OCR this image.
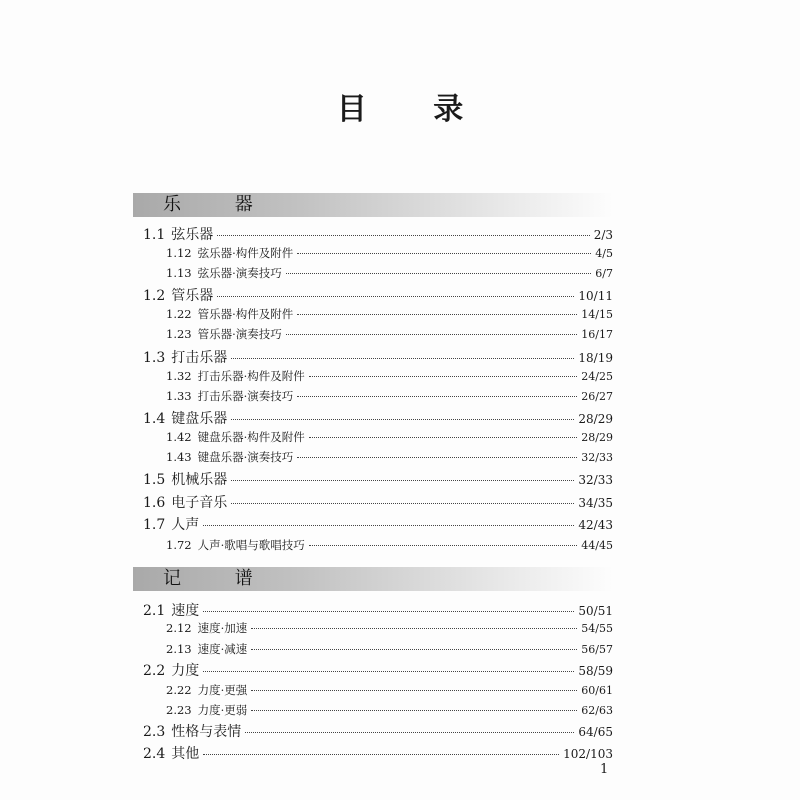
目 录
乐 器
1.1 弦乐器	2/3
1.12 弦乐器·构件及附件	4/5
1.13 弦乐器·演奏技巧	6/7
1.2 管乐器	10/11
1.22 管乐器·构件及附件	14/15
1.23 管乐器·演奏技巧	16/17
1.3 打击乐器	18/19
1.32 打击乐器·构件及附件	24/25
1.33 打击乐器·演奏技巧	26/27
1.4 键盘乐器	28/29
1.42 键盘乐器·构件及附件	28/29
1.43 键盘乐器·演奏技巧	32/33
1.5 机械乐器	32/33
1.6 电子音乐	34/35
1.7 人声	42/43
1.72 人声·歌唱与歌唱技巧	44/45
记 谱
2.1 速度	50/51
2.12 速度·加速	54/55
2.13 速度·减速	56/57
2.2 力度	58/59
2.22 力度·更强	60/61
2.23 力度·更弱	62/63
2.3 性格与表情	64/65
2.4 其他	102/103
1
